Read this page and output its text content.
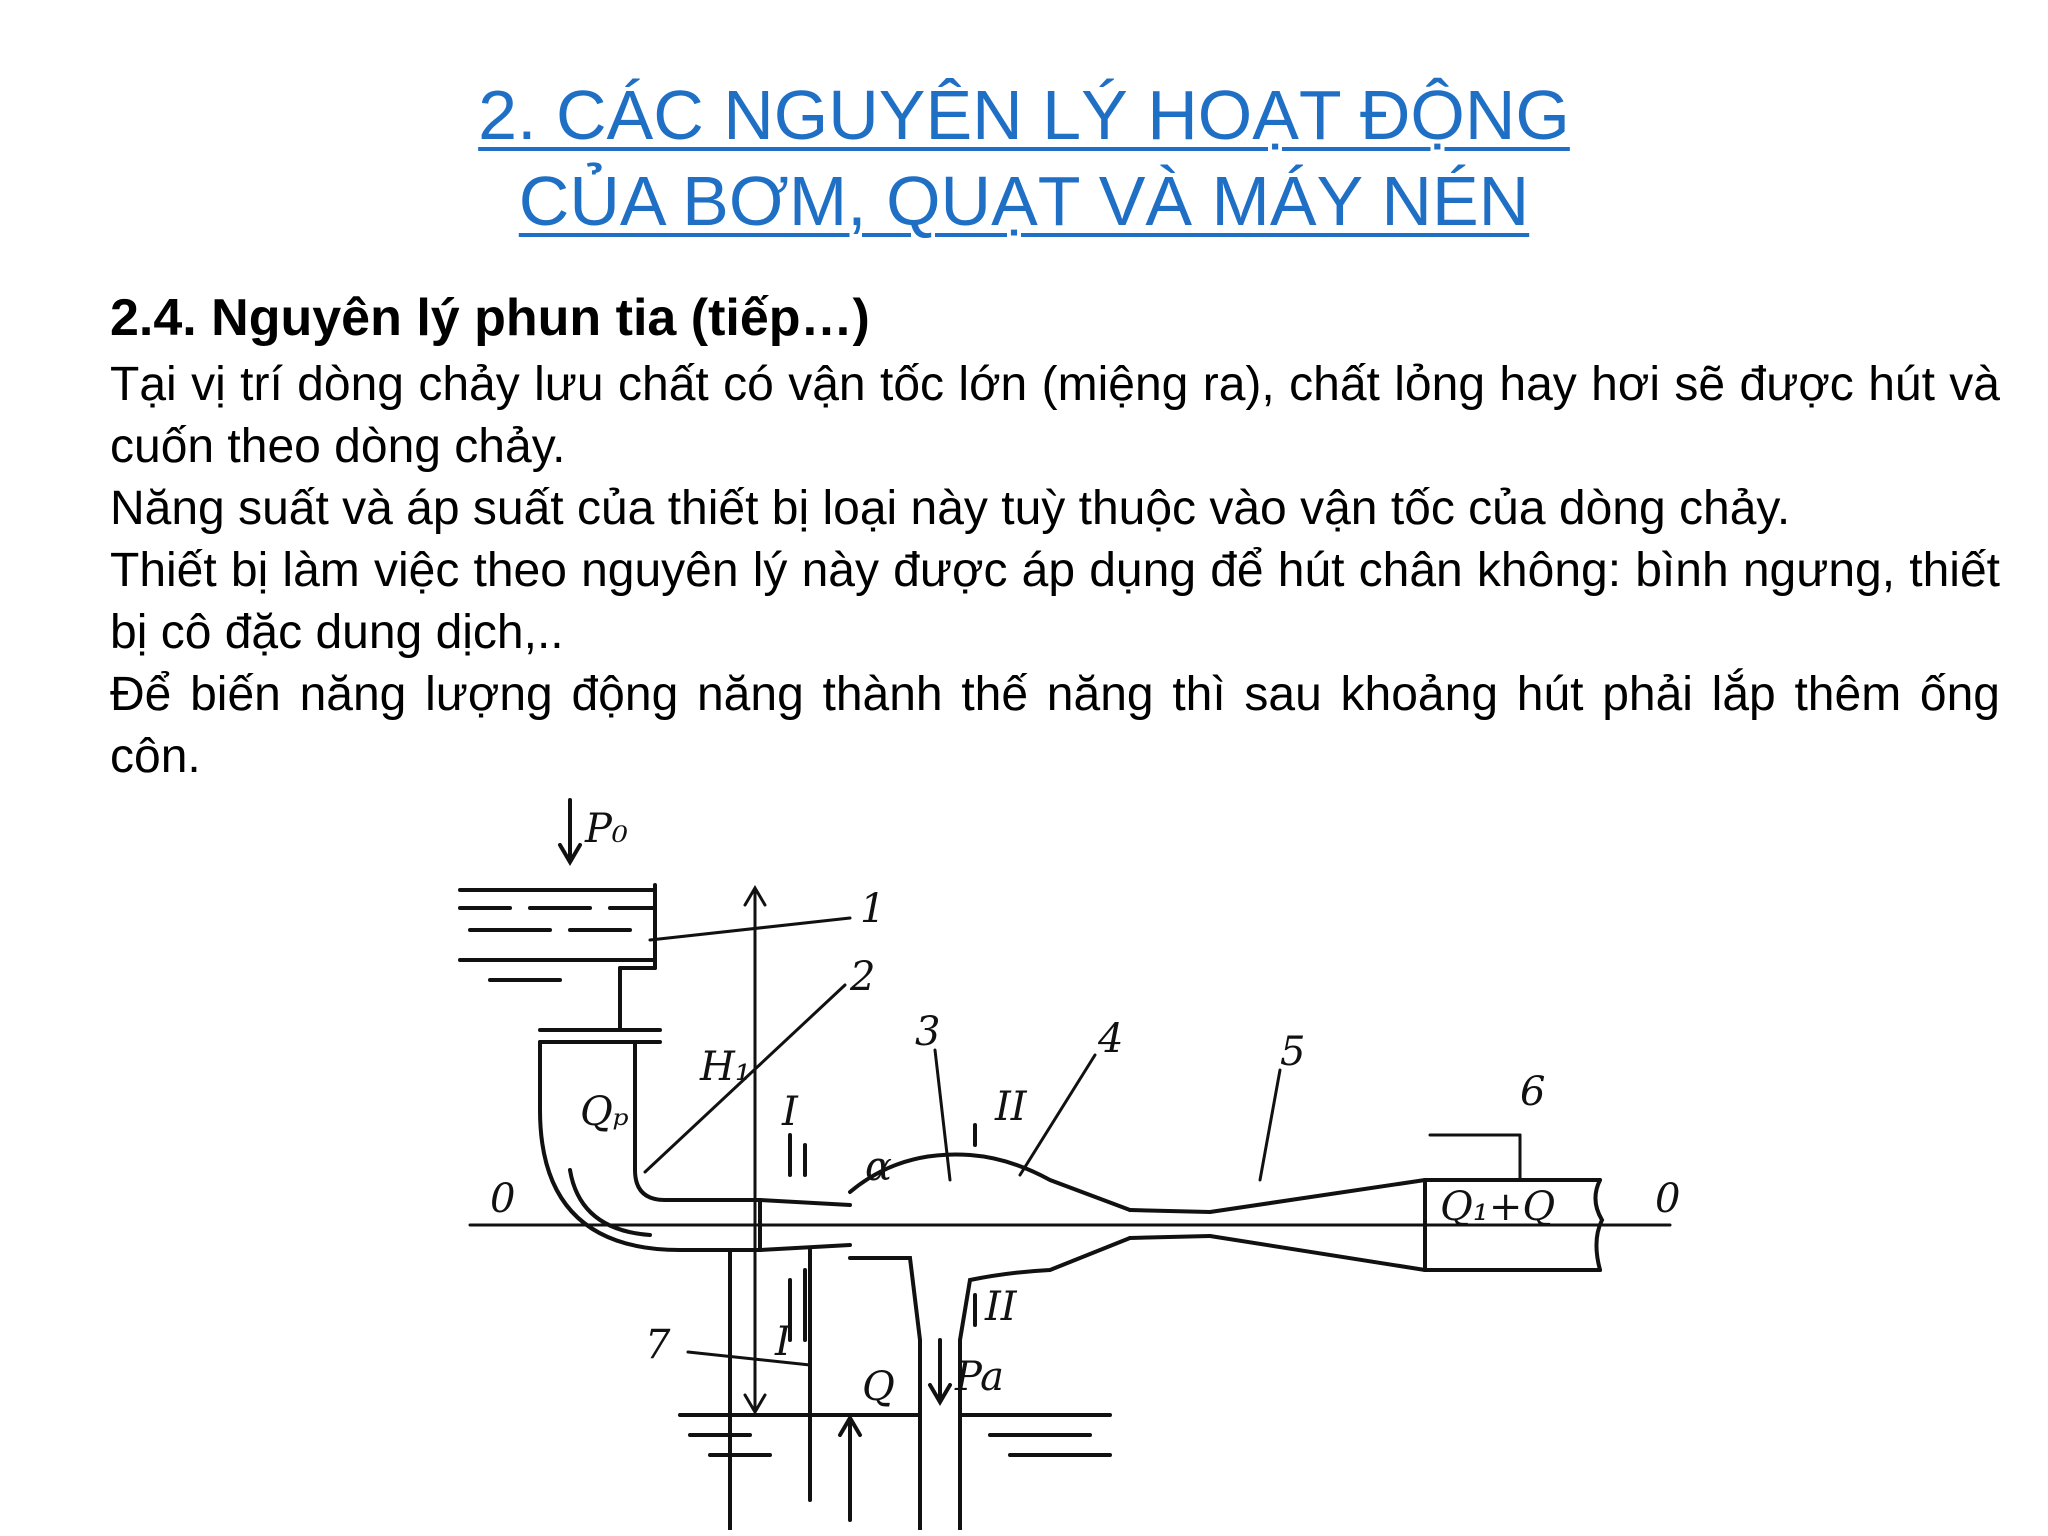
2. CÁC NGUYÊN LÝ HOẠT ĐỘNG
CỦA BƠM, QUẠT VÀ MÁY NÉN
2.4. Nguyên lý phun tia (tiếp…)

Tại vị trí dòng chảy lưu chất có vận tốc lớn (miệng ra), chất lỏng hay hơi sẽ được hút và cuốn theo dòng chảy.

Năng suất và áp suất của thiết bị loại này tuỳ thuộc vào vận tốc của dòng chảy.

Thiết bị làm việc theo nguyên lý này được áp dụng để hút chân không: bình ngưng, thiết bị cô đặc dung dịch,..

Để biến năng lượng động năng thành thế năng thì sau khoảng hút phải lắp thêm ống côn.

P₀
H₁
Qₚ
0	0
I
I
II
II
α
Q Pa
Q₁+Q
1
2
3	4	5
6
7
